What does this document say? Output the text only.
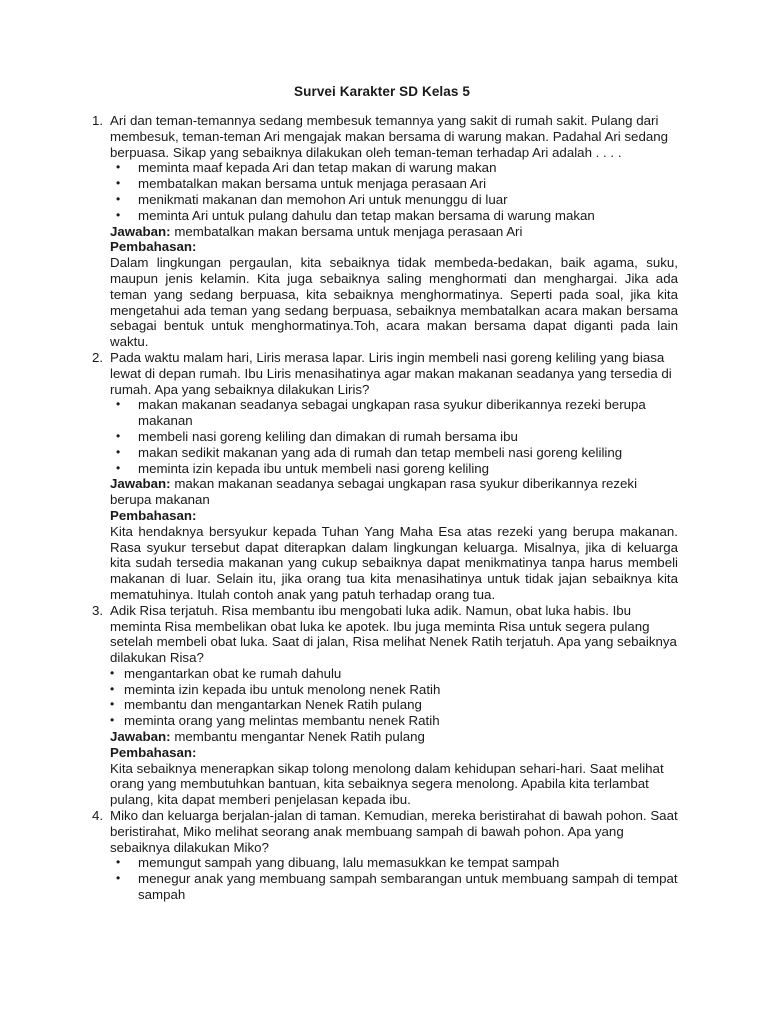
Survei Karakter SD Kelas 5
1. Ari dan teman-temannya sedang membesuk temannya yang sakit di rumah sakit. Pulang dari membesuk, teman-teman Ari mengajak makan bersama di warung makan. Padahal Ari sedang berpuasa. Sikap yang sebaiknya dilakukan oleh teman-teman terhadap Ari adalah . . . .

• meminta maaf kepada Ari dan tetap makan di warung makan
• membatalkan makan bersama untuk menjaga perasaan Ari
• menikmati makanan dan memohon Ari untuk menunggu di luar
• meminta Ari untuk pulang dahulu dan tetap makan bersama di warung makan

Jawaban: membatalkan makan bersama untuk menjaga perasaan Ari

Pembahasan:

Dalam lingkungan pergaulan, kita sebaiknya tidak membeda-bedakan, baik agama, suku, maupun jenis kelamin. Kita juga sebaiknya saling menghormati dan menghargai. Jika ada teman yang sedang berpuasa, kita sebaiknya menghormatinya. Seperti pada soal, jika kita mengetahui ada teman yang sedang berpuasa, sebaiknya membatalkan acara makan bersama sebagai bentuk untuk menghormatinya.Toh, acara makan bersama dapat diganti pada lain waktu.

2. Pada waktu malam hari, Liris merasa lapar. Liris ingin membeli nasi goreng keliling yang biasa lewat di depan rumah. Ibu Liris menasihatinya agar makan makanan seadanya yang tersedia di rumah. Apa yang sebaiknya dilakukan Liris?

• makan makanan seadanya sebagai ungkapan rasa syukur diberikannya rezeki berupa makanan
• membeli nasi goreng keliling dan dimakan di rumah bersama ibu
• makan sedikit makanan yang ada di rumah dan tetap membeli nasi goreng keliling
• meminta izin kepada ibu untuk membeli nasi goreng keliling

Jawaban: makan makanan seadanya sebagai ungkapan rasa syukur diberikannya rezeki berupa makanan

Pembahasan:

Kita hendaknya bersyukur kepada Tuhan Yang Maha Esa atas rezeki yang berupa makanan. Rasa syukur tersebut dapat diterapkan dalam lingkungan keluarga. Misalnya, jika di keluarga kita sudah tersedia makanan yang cukup sebaiknya dapat menikmatinya tanpa harus membeli makanan di luar. Selain itu, jika orang tua kita menasihatinya untuk tidak jajan sebaiknya kita mematuhinya. Itulah contoh anak yang patuh terhadap orang tua.

3. Adik Risa terjatuh. Risa membantu ibu mengobati luka adik. Namun, obat luka habis. Ibu meminta Risa membelikan obat luka ke apotek. Ibu juga meminta Risa untuk segera pulang setelah membeli obat luka. Saat di jalan, Risa melihat Nenek Ratih terjatuh. Apa yang sebaiknya dilakukan Risa?

• mengantarkan obat ke rumah dahulu
• meminta izin kepada ibu untuk menolong nenek Ratih
• membantu dan mengantarkan Nenek Ratih pulang
• meminta orang yang melintas membantu nenek Ratih

Jawaban: membantu mengantar Nenek Ratih pulang

Pembahasan:

Kita sebaiknya menerapkan sikap tolong menolong dalam kehidupan sehari-hari. Saat melihat orang yang membutuhkan bantuan, kita sebaiknya segera menolong. Apabila kita terlambat pulang, kita dapat memberi penjelasan kepada ibu.

4. Miko dan keluarga berjalan-jalan di taman. Kemudian, mereka beristirahat di bawah pohon. Saat beristirahat, Miko melihat seorang anak membuang sampah di bawah pohon. Apa yang sebaiknya dilakukan Miko?

• memungut sampah yang dibuang, lalu memasukkan ke tempat sampah
• menegur anak yang membuang sampah sembarangan untuk membuang sampah di tempat sampah
